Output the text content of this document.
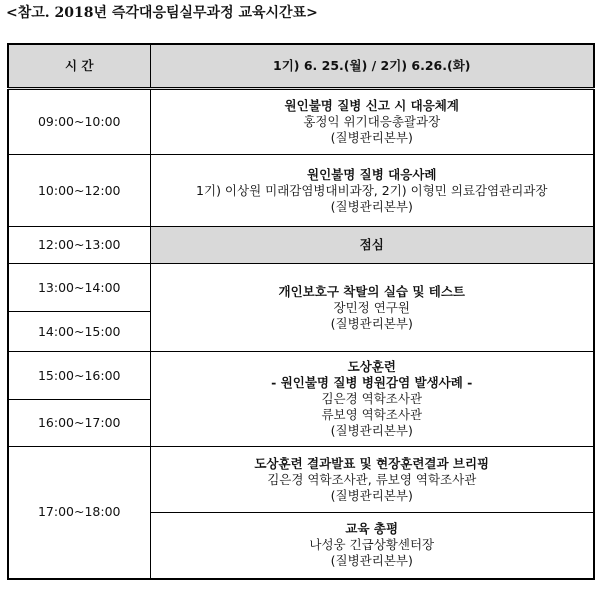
<참고. 2018년 즉각대응팀실무과정 교육시간표>
시 간	1기) 6. 25.(월) / 2기) 6.26.(화)
09:00~10:00	원인불명 질병 신고 시 대응체계
홍정익 위기대응총괄과장
(질병관리본부)

10:00~12:00	원인불명 질병 대응사례
1기) 이상원 미래감염병대비과장, 2기) 이형민 의료감염관리과장
(질병관리본부)

12:00~13:00	점심
13:00~14:00	개인보호구 착탈의 실습 및 테스트
장민정 연구원
(질병관리본부)

14:00~15:00	
15:00~16:00	도상훈련
- 원인불명 질병 병원감염 발생사례 -
김은경 역학조사관
류보영 역학조사관
(질병관리본부)

16:00~17:00	
17:00~18:00	도상훈련 결과발표 및 현장훈련결과 브리핑
김은경 역학조사관, 류보영 역학조사관
(질병관리본부)

	교육 총평
나성웅 긴급상황센터장
(질병관리본부)
